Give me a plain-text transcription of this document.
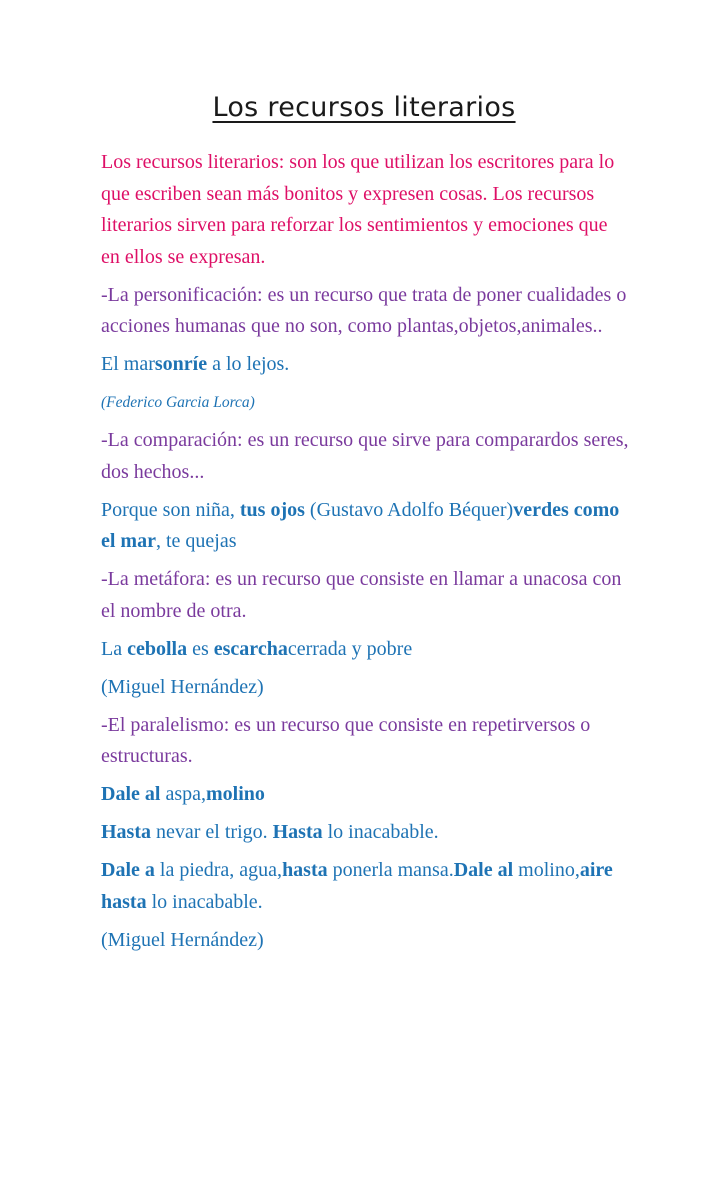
Los recursos literarios

Los recursos literarios: son los que utilizan los escritores para lo que escriben sean más bonitos y expresen cosas. Los recursos literarios sirven para reforzar los sentimientos y emociones que en ellos se expresan.

-La personificación: es un recurso que trata de poner cualidades o acciones humanas que no son, como plantas,objetos,animales..

El marsonríe a lo lejos.

(Federico Garcia Lorca)

-La comparación: es un recurso que sirve para comparardos seres, dos hechos...

Porque son niña, tus ojos (Gustavo Adolfo Béquer)verdes como el mar, te quejas

-La metáfora: es un recurso que consiste en llamar a unacosa con el nombre de otra.

La cebolla es escarchacerrada y pobre

(Miguel Hernández)

-El paralelismo: es un recurso que consiste en repetirversos o estructuras.

Dale al aspa,molino

Hasta nevar el trigo. Hasta lo inacabable.

Dale a la piedra, agua,hasta ponerla mansa.Dale al molino,aire
hasta lo inacabable.

(Miguel Hernández)
